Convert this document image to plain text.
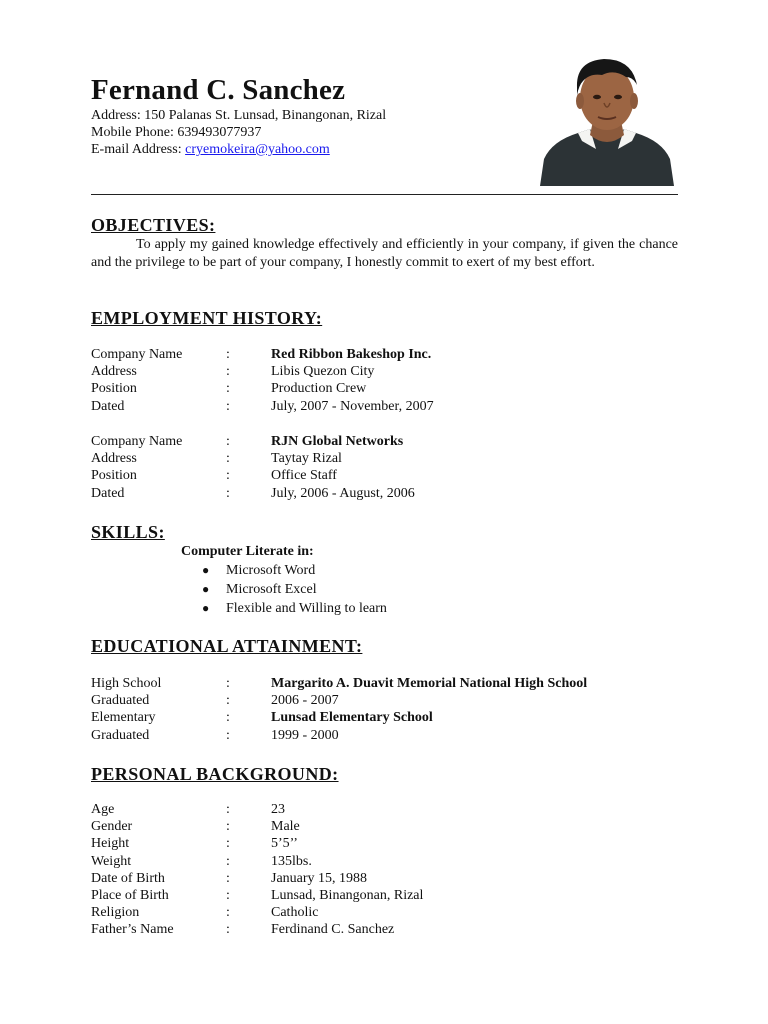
Fernand C. Sanchez
Address: 150 Palanas St. Lunsad, Binangonan, Rizal
Mobile Phone: 639493077937
E-mail Address: cryemokeira@yahoo.com
OBJECTIVES:

To apply my gained knowledge effectively and efficiently in your company, if given the chance and the privilege to be part of your company, I honestly commit to exert of my best effort.

EMPLOYMENT HISTORY:
Company Name	:	Red Ribbon Bakeshop Inc.
Address	:	Libis Quezon City
Position	:	Production Crew
Dated	:	July, 2007 - November, 2007
Company Name	:	RJN Global Networks
Address	:	Taytay Rizal
Position	:	Office Staff
Dated	:	July, 2006 - August, 2006
SKILLS:
Computer Literate in:
● Microsoft Word
● Microsoft Excel
● Flexible and Willing to learn
EDUCATIONAL ATTAINMENT:
High School	:	Margarito A. Duavit Memorial National High School
Graduated	:	2006 - 2007
Elementary	:	Lunsad Elementary School
Graduated	:	1999 - 2000
PERSONAL BACKGROUND:
Age	:	23
Gender	:	Male
Height	:	5’5’’
Weight	:	135lbs.
Date of Birth	:	January 15, 1988
Place of Birth	:	Lunsad, Binangonan, Rizal
Religion	:	Catholic
Father’s Name	:	Ferdinand C. Sanchez
